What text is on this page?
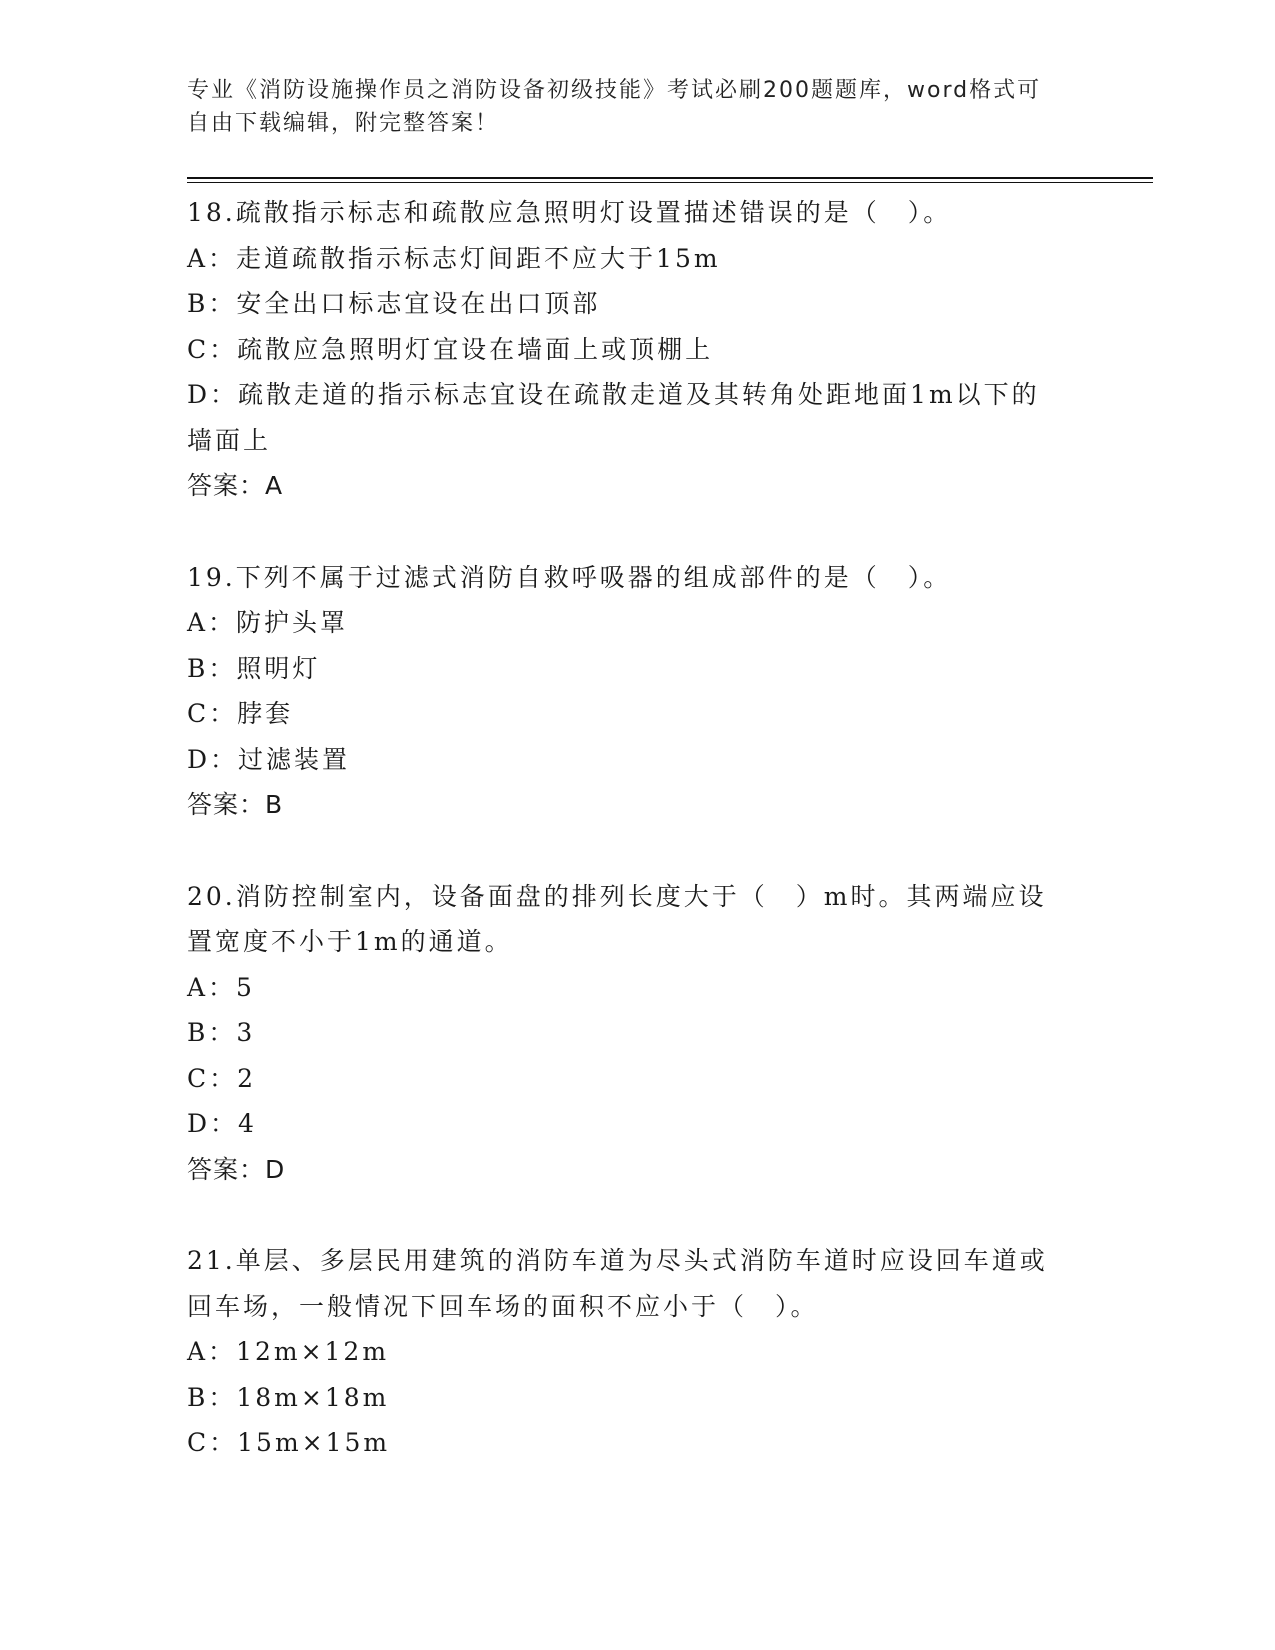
专业《消防设施操作员之消防设备初级技能》考试必刷200题题库，word格式可
自由下载编辑，附完整答案！
18.疏散指示标志和疏散应急照明灯设置描述错误的是（　）。
A：走道疏散指示标志灯间距不应大于15m
B：安全出口标志宜设在出口顶部
C：疏散应急照明灯宜设在墙面上或顶棚上
D：疏散走道的指示标志宜设在疏散走道及其转角处距地面1m以下的
墙面上
答案：A
19.下列不属于过滤式消防自救呼吸器的组成部件的是（　）。
A：防护头罩
B：照明灯
C：脖套
D：过滤装置
答案：B
20.消防控制室内，设备面盘的排列长度大于（　）m时。其两端应设
置宽度不小于1m的通道。
A：5
B：3
C：2
D：4
答案：D
21.单层、多层民用建筑的消防车道为尽头式消防车道时应设回车道或
回车场，一般情况下回车场的面积不应小于（　）。
A：12m×12m
B：18m×18m
C：15m×15m
